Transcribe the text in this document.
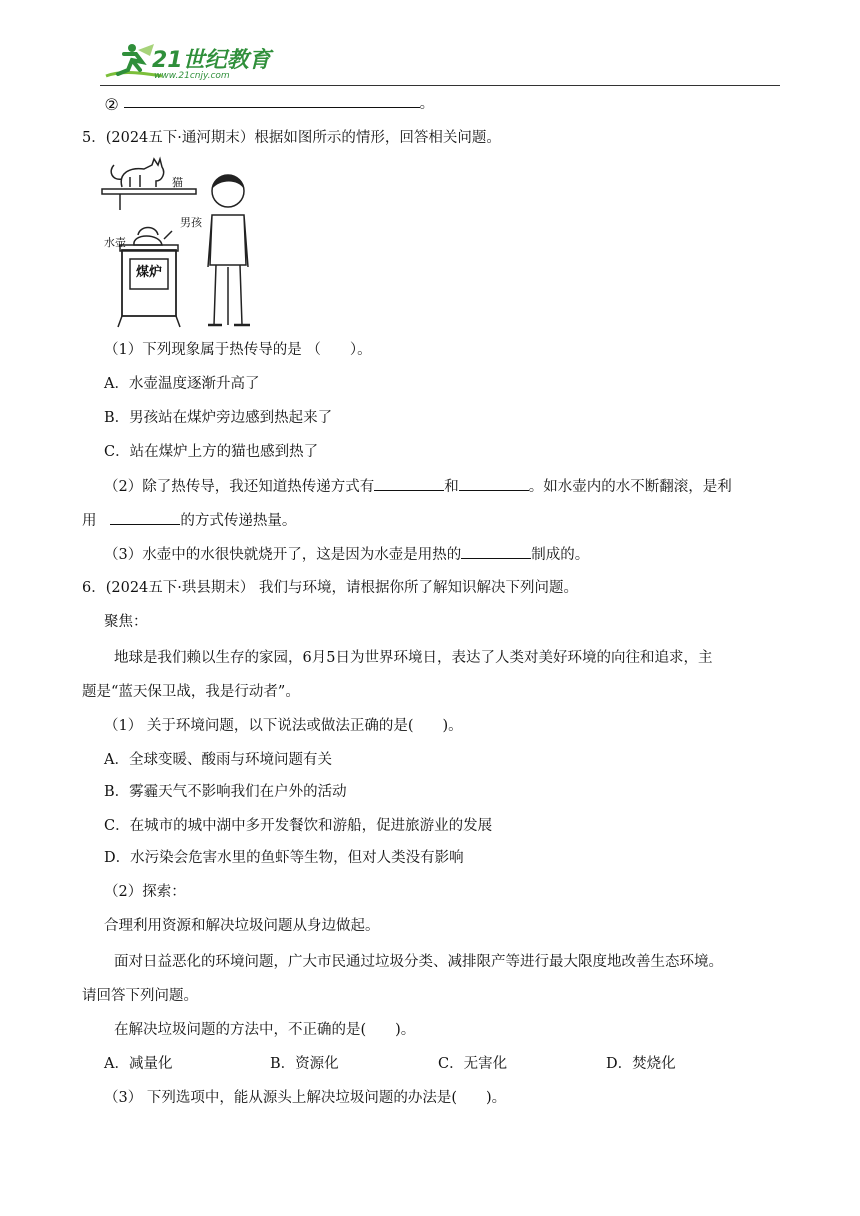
21世纪教育
www.21cnjy.com
②	。
5．(2024五下·通河期末）根据如图所示的情形，回答相关问题。
猫
男孩
水壶
煤炉
（1）下列现象属于热传导的是 （　　）。
A．水壶温度逐渐升高了
B．男孩站在煤炉旁边感到热起来了
C．站在煤炉上方的猫也感到热了
（2）除了热传导，我还知道热传递方式有	和	。如水壶内的水不断翻滚，是利
用	的方式传递热量。
（3）水壶中的水很快就烧开了，这是因为水壶是用热的	制成的。
6．(2024五下·珙县期末） 我们与环境，请根据你所了解知识解决下列问题。
聚焦：
地球是我们赖以生存的家园，6月5日为世界环境日，表达了人类对美好环境的向往和追求，主
题是“蓝天保卫战，我是行动者”。
（1） 关于环境问题，以下说法或做法正确的是(　　)。
A．全球变暖、酸雨与环境问题有关
B．雾霾天气不影响我们在户外的活动
C．在城市的城中湖中多开发餐饮和游船，促进旅游业的发展
D．水污染会危害水里的鱼虾等生物，但对人类没有影响
（2）探索：
合理利用资源和解决垃圾问题从身边做起。
面对日益恶化的环境问题，广大市民通过垃圾分类、减排限产等进行最大限度地改善生态环境。
请回答下列问题。
在解决垃圾问题的方法中，不正确的是(　　)。
A．减量化	B．资源化	C．无害化	D．焚烧化
（3） 下列选项中，能从源头上解决垃圾问题的办法是(　　)。
